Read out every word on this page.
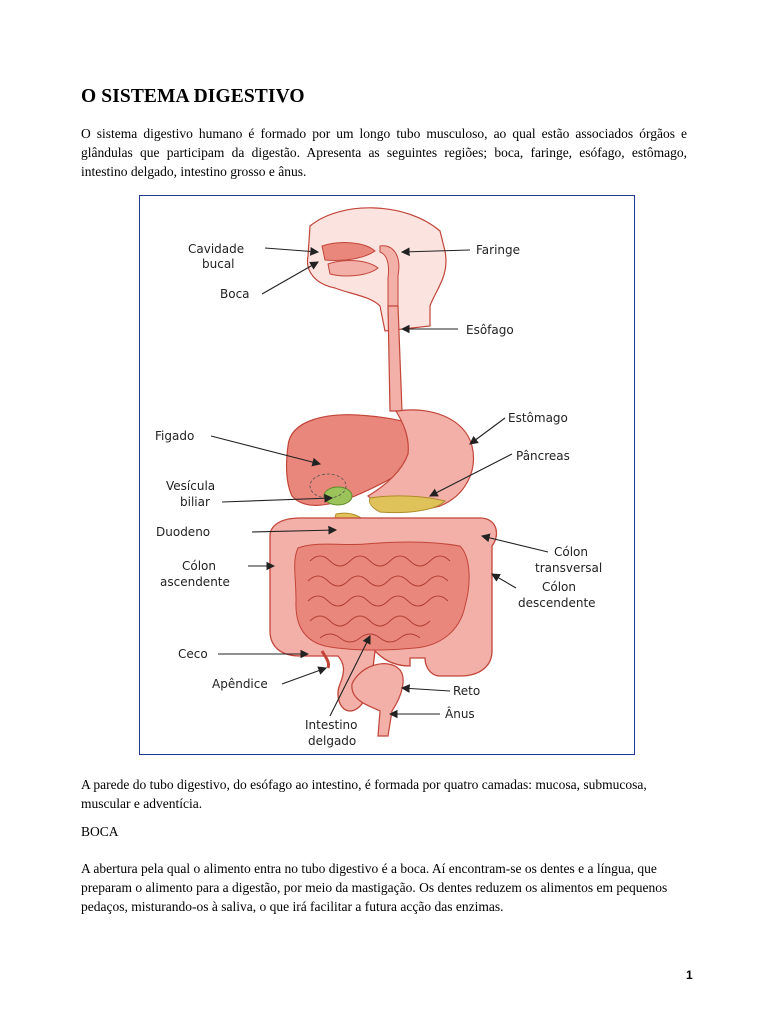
O SISTEMA DIGESTIVO

O sistema digestivo humano é formado por um longo tubo musculoso, ao qual estão associados órgãos e glândulas que participam da digestão. Apresenta as seguintes regiões; boca, faringe, esófago, estômago, intestino delgado, intestino grosso e ânus.

Cavidade
bucal
Boca
Faringe
Esôfago
Figado
Estômago
Pâncreas
Vesícula
biliar
Duodeno
Cólon
transversal
Cólon
ascendente	Cólon
descendente
Ceco
Apêndice	Reto
Ânus
Intestino
delgado

A parede do tubo digestivo, do esófago ao intestino, é formada por quatro camadas: mucosa, submucosa, muscular e adventícia.

BOCA

A abertura pela qual o alimento entra no tubo digestivo é a boca. Aí encontram-se os dentes e a língua, que preparam o alimento para a digestão, por meio da mastigação. Os dentes reduzem os alimentos em pequenos pedaços, misturando-os à saliva, o que irá facilitar a futura acção das enzimas.

1
